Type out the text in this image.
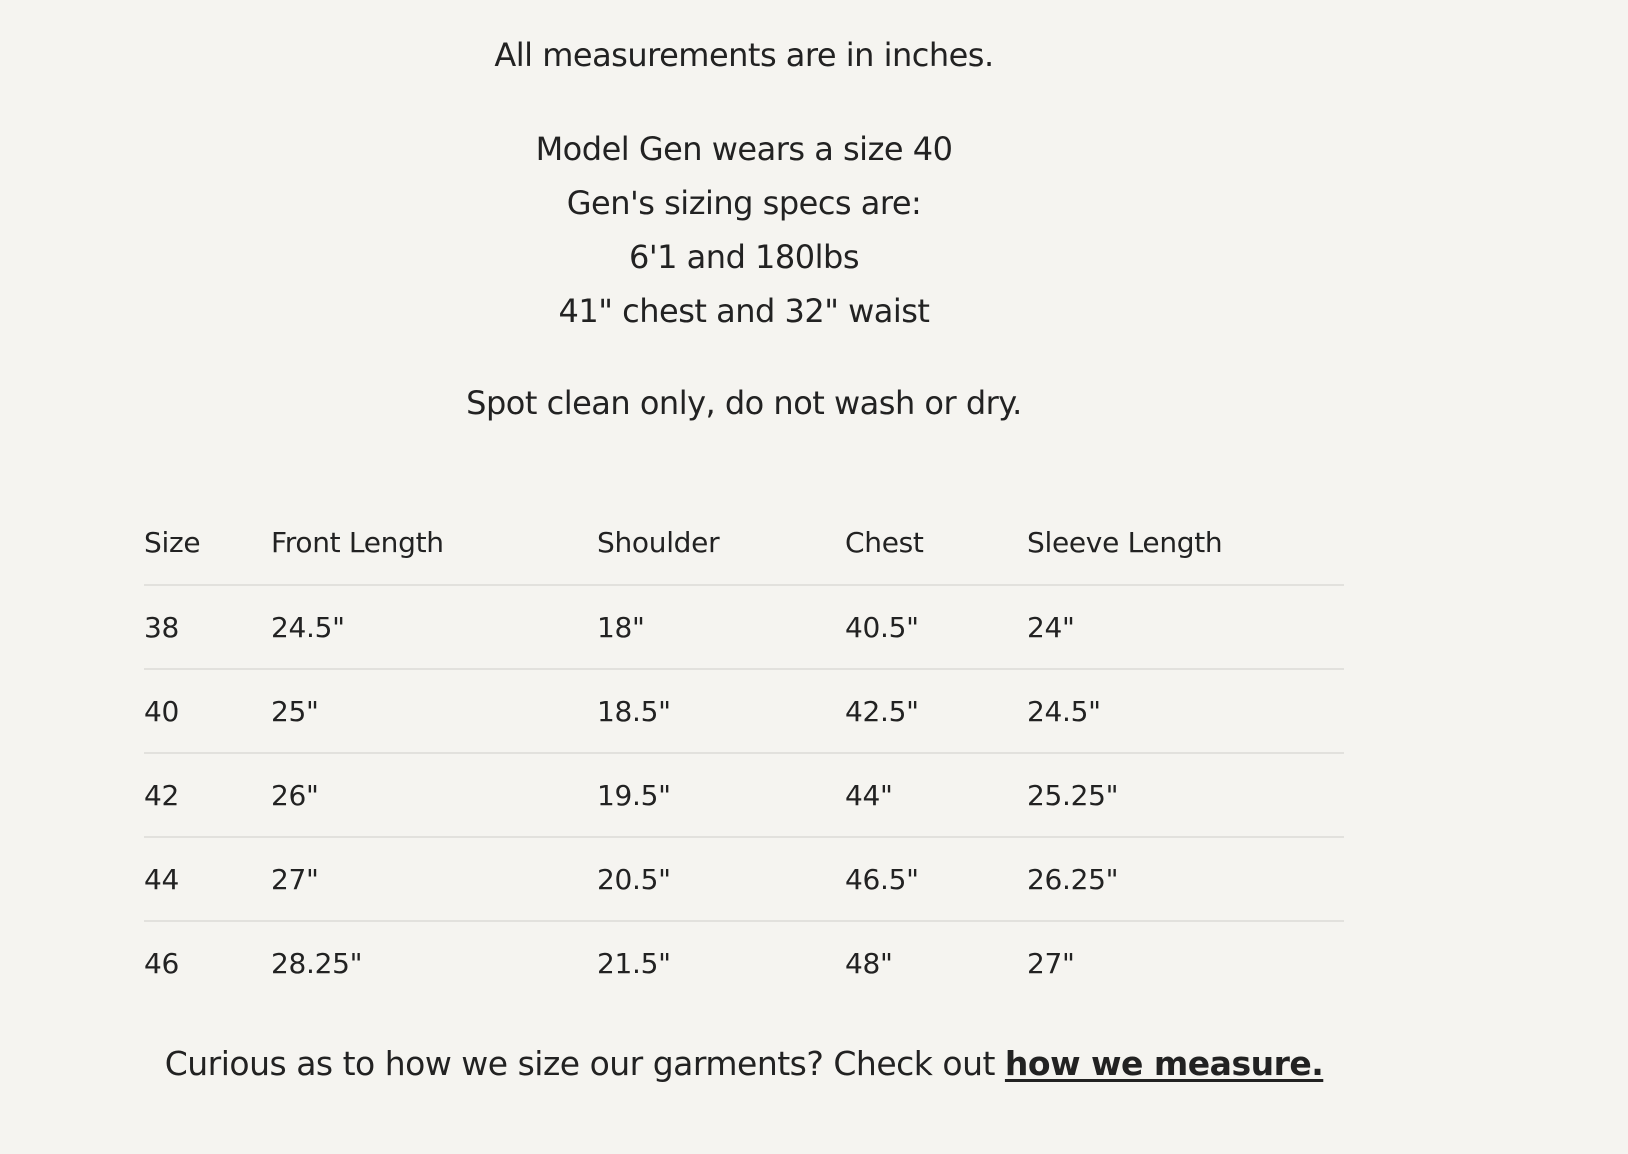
All measurements are in inches.
Model Gen wears a size 40
Gen's sizing specs are:
6'1 and 180lbs
41" chest and 32" waist
Spot clean only, do not wash or dry.
Size	Front Length	Shoulder	Chest	Sleeve Length
38	24.5"	18"	40.5"	24"
40	25"	18.5"	42.5"	24.5"
42	26"	19.5"	44"	25.25"
44	27"	20.5"	46.5"	26.25"
46	28.25"	21.5"	48"	27"
Curious as to how we size our garments? Check out how we measure.
